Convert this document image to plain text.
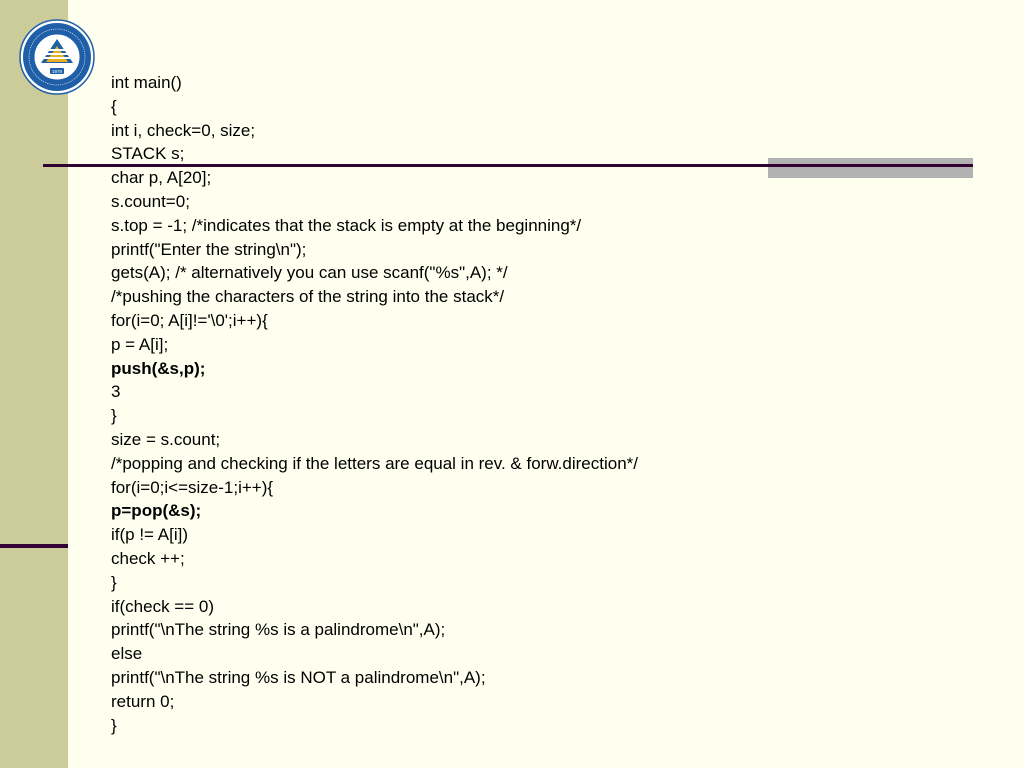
1979
int main()
{
int i, check=0, size;
STACK s;
char p, A[20];
s.count=0;
s.top = -1; /*indicates that the stack is empty at the beginning*/
printf("Enter the string\n");
gets(A); /* alternatively you can use scanf("%s",A); */
/*pushing the characters of the string into the stack*/
for(i=0; A[i]!='\0';i++){
p = A[i];
push(&s,p);
3
}
size = s.count;
/*popping and checking if the letters are equal in rev. & forw.direction*/
for(i=0;i<=size-1;i++){
p=pop(&s);
if(p != A[i])
check ++;
}
if(check == 0)
printf("\nThe string %s is a palindrome\n",A);
else
printf("\nThe string %s is NOT a palindrome\n",A);
return 0;
}
